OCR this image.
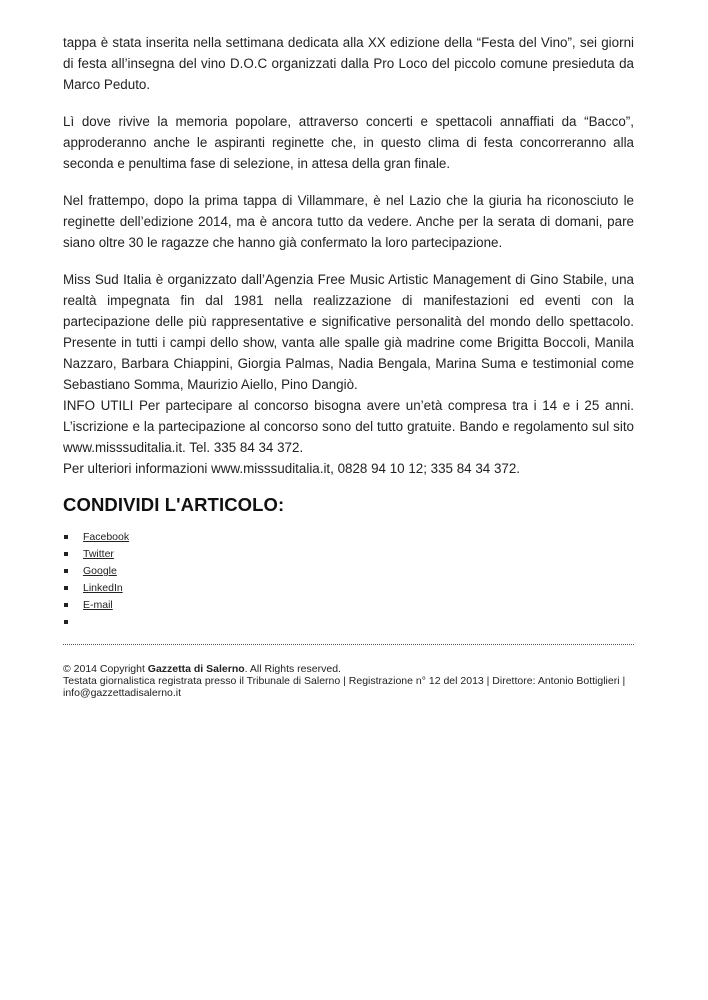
tappa è stata inserita nella settimana dedicata alla XX edizione della “Festa del Vino”, sei giorni di festa all’insegna del vino D.O.C organizzati dalla Pro Loco del piccolo comune presieduta da Marco Peduto.

Lì dove rivive la memoria popolare, attraverso concerti e spettacoli annaffiati da “Bacco”, approderanno anche le aspiranti reginette che, in questo clima di festa concorreranno alla seconda e penultima fase di selezione, in attesa della gran finale.

Nel frattempo, dopo la prima tappa di Villammare, è nel Lazio che la giuria ha riconosciuto le reginette dell’edizione 2014, ma è ancora tutto da vedere. Anche per la serata di domani, pare siano oltre 30 le ragazze che hanno già confermato la loro partecipazione.

Miss Sud Italia è organizzato dall’Agenzia Free Music Artistic Management di Gino Stabile, una realtà impegnata fin dal 1981 nella realizzazione di manifestazioni ed eventi con la partecipazione delle più rappresentative e significative personalità del mondo dello spettacolo. Presente in tutti i campi dello show, vanta alle spalle già madrine come Brigitta Boccoli, Manila Nazzaro, Barbara Chiappini, Giorgia Palmas, Nadia Bengala, Marina Suma e testimonial come Sebastiano Somma, Maurizio Aiello, Pino Dangiò.

INFO UTILI Per partecipare al concorso bisogna avere un’età compresa tra i 14 e i 25 anni. L’iscrizione e la partecipazione al concorso sono del tutto gratuite. Bando e regolamento sul sito www.misssuditalia.it. Tel. 335 84 34 372.

Per ulteriori informazioni www.misssuditalia.it, 0828 94 10 12; 335 84 34 372.

CONDIVIDI L'ARTICOLO:
Facebook
Twitter
Google
LinkedIn
E-mail
© 2014 Copyright Gazzetta di Salerno. All Rights reserved.
Testata giornalistica registrata presso il Tribunale di Salerno | Registrazione n° 12 del 2013 | Direttore: Antonio Bottiglieri | info@gazzettadisalerno.it
